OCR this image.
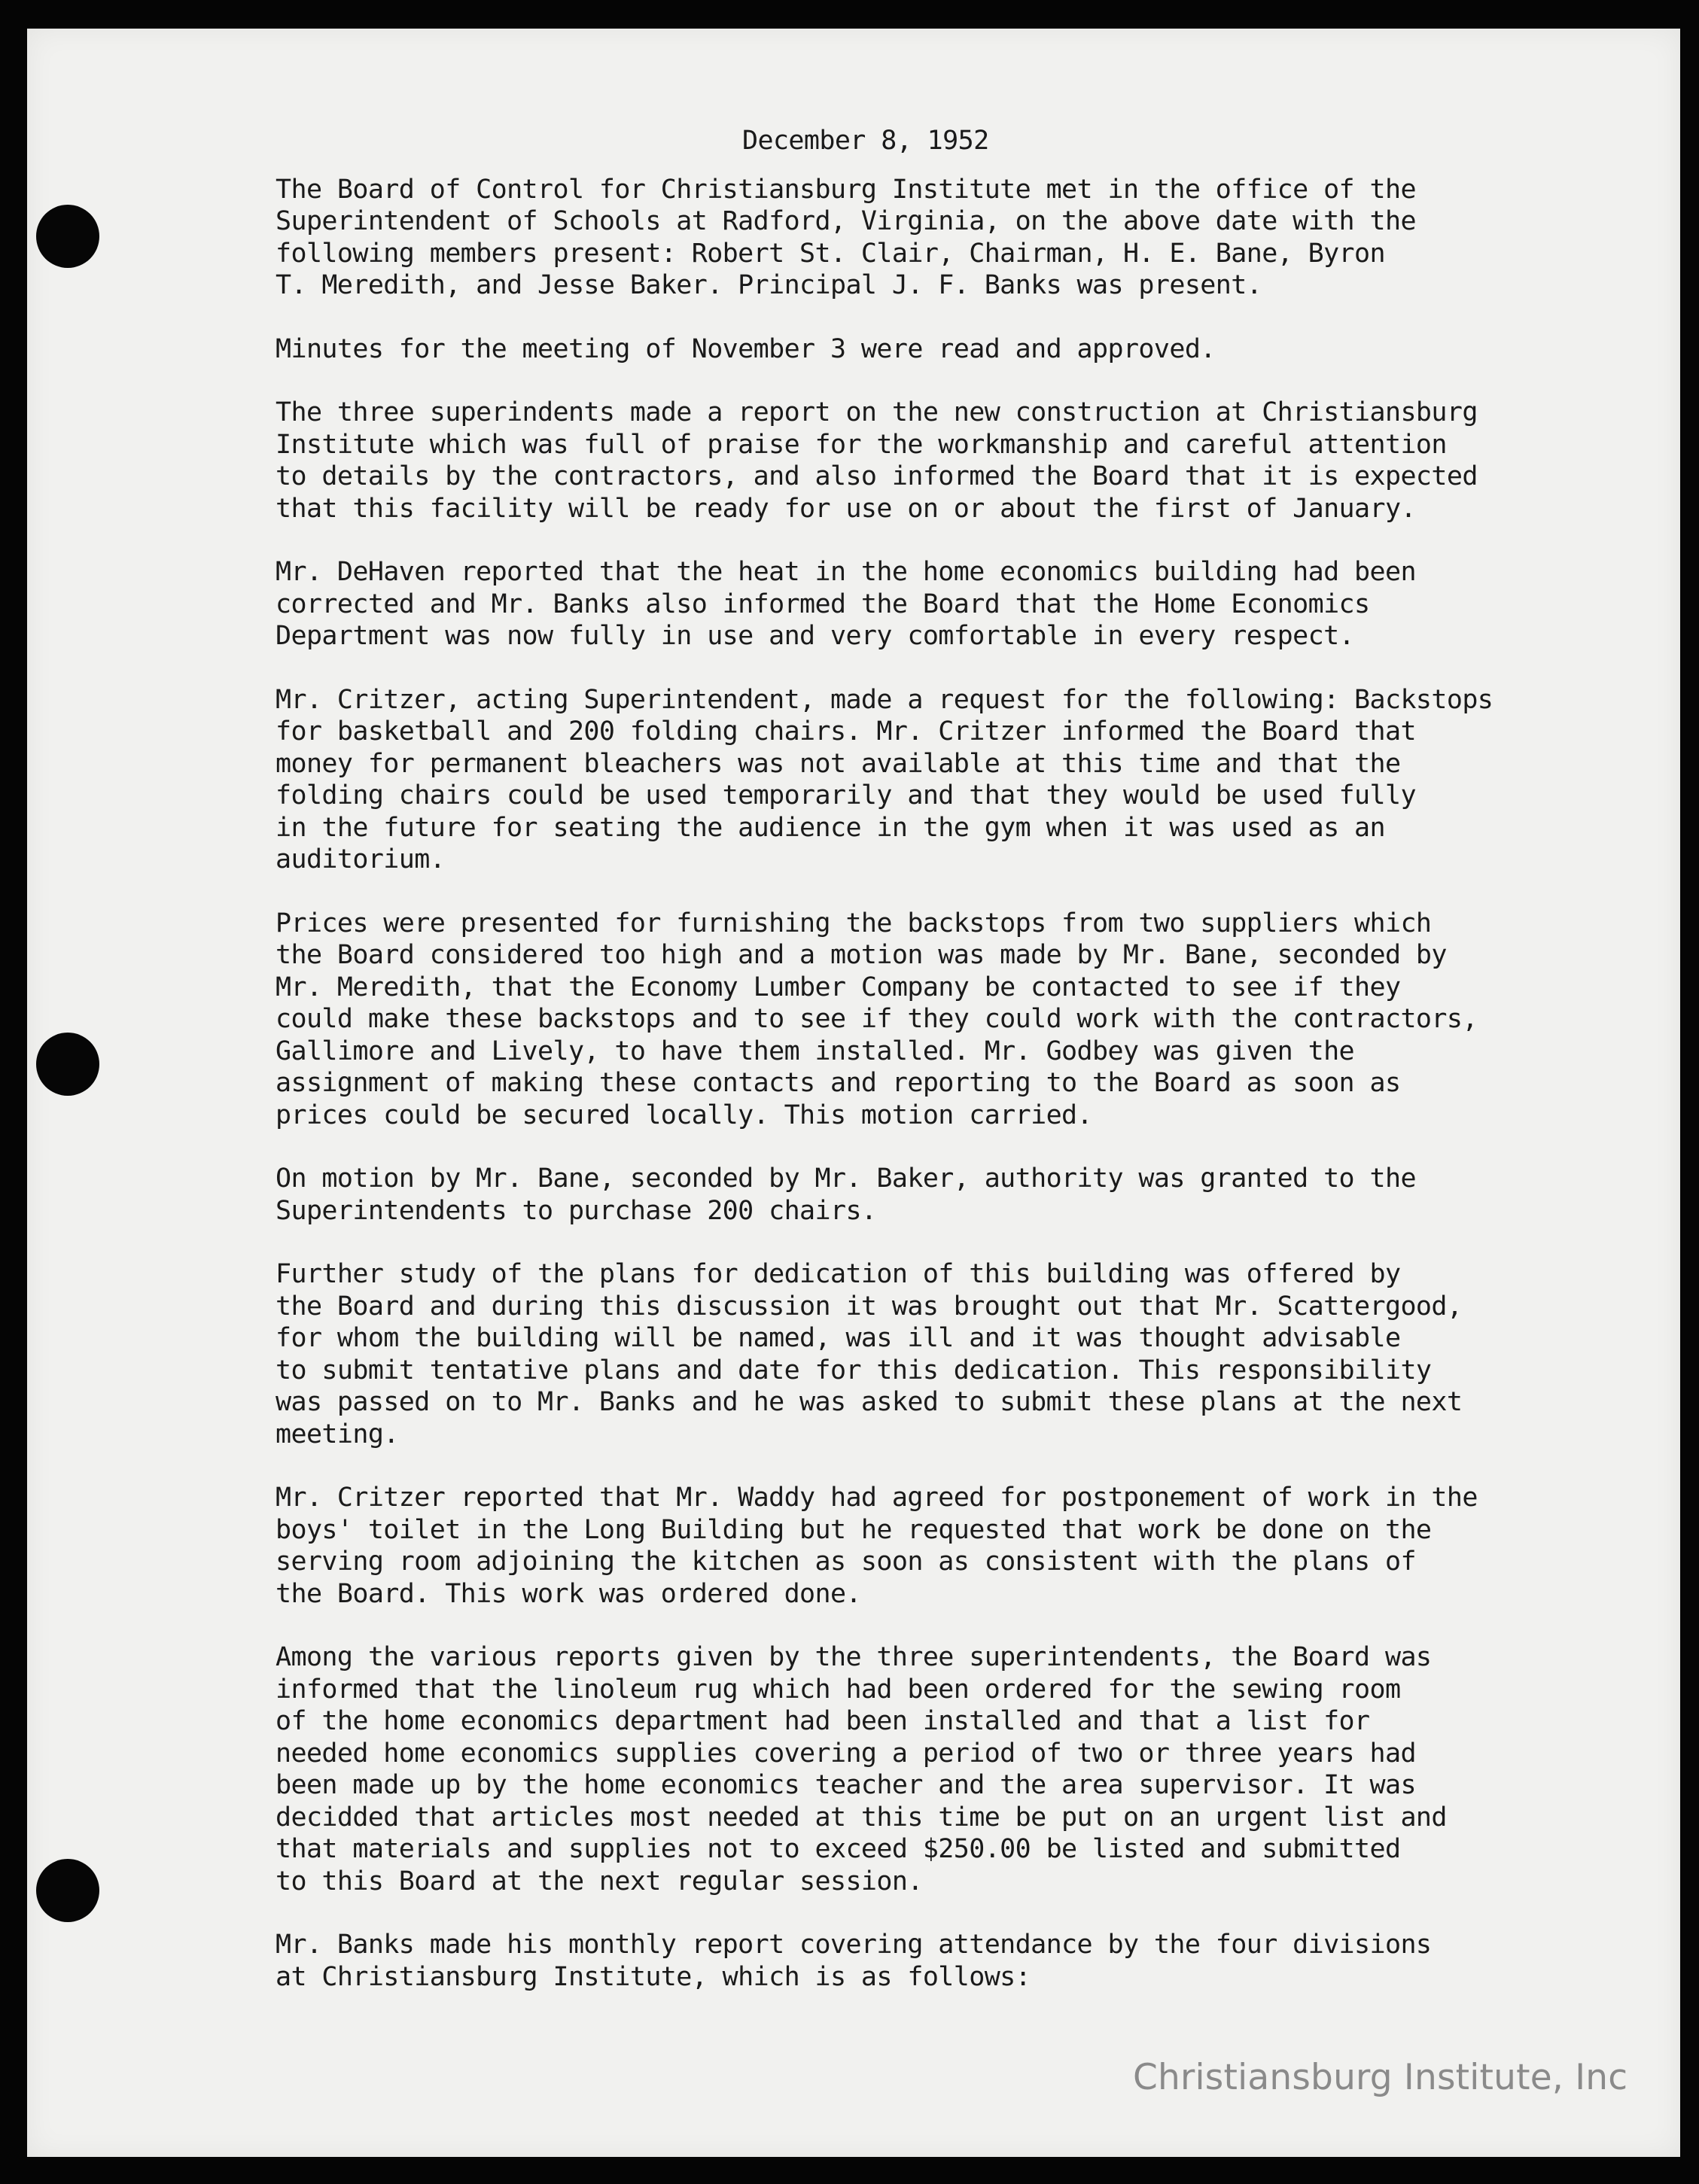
December 8, 1952
The Board of Control for Christiansburg Institute met in the office of the
Superintendent of Schools at Radford, Virginia, on the above date with the
following members present: Robert St. Clair, Chairman, H. E. Bane, Byron
T. Meredith, and Jesse Baker. Principal J. F. Banks was present.
Minutes for the meeting of November 3 were read and approved.
The three superindents made a report on the new construction at Christiansburg
Institute which was full of praise for the workmanship and careful attention
to details by the contractors, and also informed the Board that it is expected
that this facility will be ready for use on or about the first of January.
Mr. DeHaven reported that the heat in the home economics building had been
corrected and Mr. Banks also informed the Board that the Home Economics
Department was now fully in use and very comfortable in every respect.
Mr. Critzer, acting Superintendent, made a request for the following: Backstops
for basketball and 200 folding chairs. Mr. Critzer informed the Board that
money for permanent bleachers was not available at this time and that the
folding chairs could be used temporarily and that they would be used fully
in the future for seating the audience in the gym when it was used as an
auditorium.
Prices were presented for furnishing the backstops from two suppliers which
the Board considered too high and a motion was made by Mr. Bane, seconded by
Mr. Meredith, that the Economy Lumber Company be contacted to see if they
could make these backstops and to see if they could work with the contractors,
Gallimore and Lively, to have them installed. Mr. Godbey was given the
assignment of making these contacts and reporting to the Board as soon as
prices could be secured locally. This motion carried.
On motion by Mr. Bane, seconded by Mr. Baker, authority was granted to the
Superintendents to purchase 200 chairs.
Further study of the plans for dedication of this building was offered by
the Board and during this discussion it was brought out that Mr. Scattergood,
for whom the building will be named, was ill and it was thought advisable
to submit tentative plans and date for this dedication. This responsibility
was passed on to Mr. Banks and he was asked to submit these plans at the next
meeting.
Mr. Critzer reported that Mr. Waddy had agreed for postponement of work in the
boys' toilet in the Long Building but he requested that work be done on the
serving room adjoining the kitchen as soon as consistent with the plans of
the Board. This work was ordered done.
Among the various reports given by the three superintendents, the Board was
informed that the linoleum rug which had been ordered for the sewing room
of the home economics department had been installed and that a list for
needed home economics supplies covering a period of two or three years had
been made up by the home economics teacher and the area supervisor. It was
decidded that articles most needed at this time be put on an urgent list and
that materials and supplies not to exceed $250.00 be listed and submitted
to this Board at the next regular session.
Mr. Banks made his monthly report covering attendance by the four divisions
at Christiansburg Institute, which is as follows:
Christiansburg Institute, Inc
